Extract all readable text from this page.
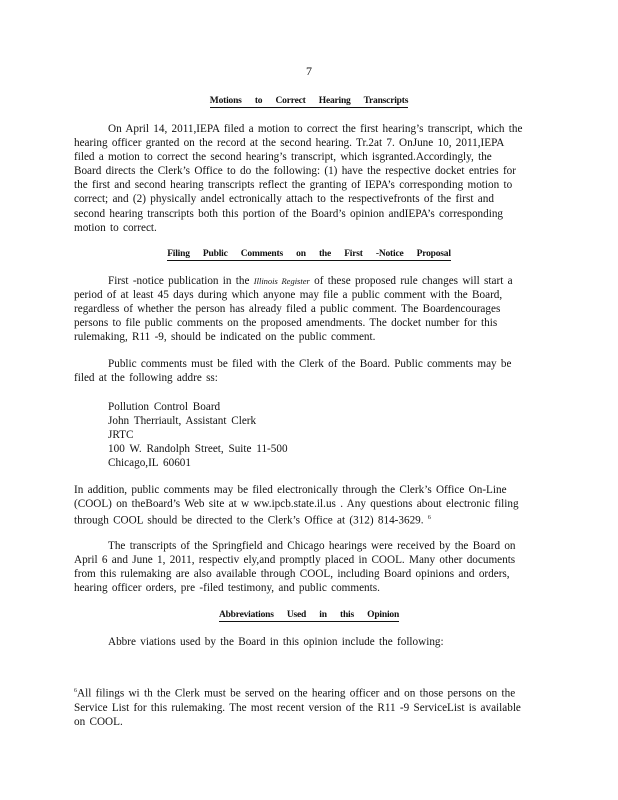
7
Motions to Correct Hearing Transcripts
On April 14, 2011,IEPA filed a motion to correct the first hearing’s transcript, which the
hearing officer granted on the record at the second hearing. Tr.2at 7. OnJune 10, 2011,IEPA
filed a motion to correct the second hearing’s transcript, which isgranted.Accordingly, the
Board directs the Clerk’s Office to do the following: (1) have the respective docket entries for
the first and second hearing transcripts reflect the granting of IEPA’s corresponding motion to
correct; and (2) physically andel ectronically attach to the respectivefronts of the first and
second hearing transcripts both this portion of the Board’s opinion andIEPA’s corresponding
motion to correct.
Filing Public Comments on the First -Notice Proposal
First -notice publication in the Illinois Register of these proposed rule changes will start a
period of at least 45 days during which anyone may file a public comment with the Board,
regardless of whether the person has already filed a public comment. The Boardencourages
persons to file public comments on the proposed amendments. The docket number for this
rulemaking, R11 -9, should be indicated on the public comment.
Public comments must be filed with the Clerk of the Board. Public comments may be
filed at the following addre ss:
Pollution Control Board
John Therriault, Assistant Clerk
JRTC
100 W. Randolph Street, Suite 11-500
Chicago,IL 60601
In addition, public comments may be filed electronically through the Clerk’s Office On-Line
(COOL) on theBoard’s Web site at w ww.ipcb.state.il.us . Any questions about electronic filing
through COOL should be directed to the Clerk’s Office at (312) 814-3629. $^6$
The transcripts of the Springfield and Chicago hearings were received by the Board on
April 6 and June 1, 2011, respectiv ely,and promptly placed in COOL. Many other documents
from this rulemaking are also available through COOL, including Board opinions and orders,
hearing officer orders, pre -filed testimony, and public comments.
Abbreviations Used in this Opinion
Abbre viations used by the Board in this opinion include the following:
$^6$All filings wi th the Clerk must be served on the hearing officer and on those persons on the
Service List for this rulemaking. The most recent version of the R11 -9 ServiceList is available
on COOL.
